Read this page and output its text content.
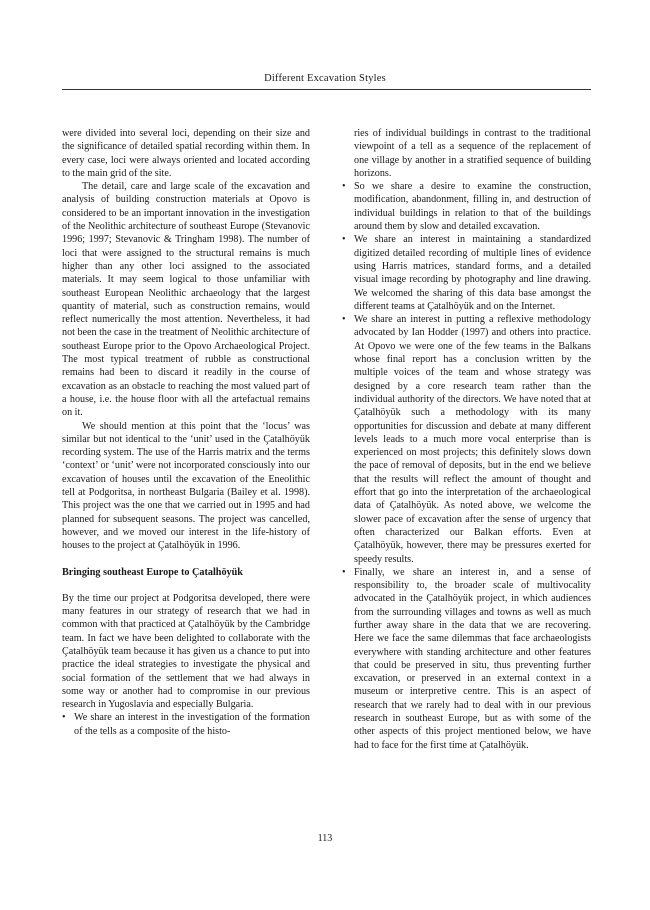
Different Excavation Styles

were divided into several loci, depending on their size and the significance of detailed spatial recording within them. In every case, loci were always oriented and located according to the main grid of the site.

The detail, care and large scale of the excavation and analysis of building construction materials at Opovo is considered to be an important innovation in the investigation of the Neolithic architecture of southeast Europe (Stevanovic 1996; 1997; Stevanovic & Tringham 1998). The number of loci that were assigned to the structural remains is much higher than any other loci assigned to the associated materials. It may seem logical to those unfamiliar with southeast European Neolithic archaeology that the largest quantity of material, such as construction remains, would reflect numerically the most attention. Nevertheless, it had not been the case in the treatment of Neolithic architecture of southeast Europe prior to the Opovo Archaeological Project. The most typical treatment of rubble as constructional remains had been to discard it readily in the course of excavation as an obstacle to reaching the most valued part of a house, i.e. the house floor with all the artefactual remains on it.

We should mention at this point that the ‘locus’ was similar but not identical to the ‘unit’ used in the Çatalhöyük recording system. The use of the Harris matrix and the terms ‘context’ or ‘unit’ were not incorporated consciously into our excavation of houses until the excavation of the Eneolithic tell at Podgoritsa, in northeast Bulgaria (Bailey et al. 1998). This project was the one that we carried out in 1995 and had planned for subsequent seasons. The project was cancelled, however, and we moved our interest in the life-history of houses to the project at Çatalhöyük in 1996.

Bringing southeast Europe to Çatalhöyük

By the time our project at Podgoritsa developed, there were many features in our strategy of research that we had in common with that practiced at Çatalhöyük by the Cambridge team. In fact we have been delighted to collaborate with the Çatalhöyük team because it has given us a chance to put into practice the ideal strategies to investigate the physical and social formation of the settlement that we had always in some way or another had to compromise in our previous research in Yugoslavia and especially Bulgaria.

• We share an interest in the investigation of the formation of the tells as a composite of the histo-
ries of individual buildings in contrast to the traditional viewpoint of a tell as a sequence of the replacement of one village by another in a stratified sequence of building horizons.
• So we share a desire to examine the construction, modification, abandonment, filling in, and destruction of individual buildings in relation to that of the buildings around them by slow and detailed excavation.
• We share an interest in maintaining a standardized digitized detailed recording of multiple lines of evidence using Harris matrices, standard forms, and a detailed visual image recording by photography and line drawing. We welcomed the sharing of this data base amongst the different teams at Çatalhöyük and on the Internet.
• We share an interest in putting a reflexive methodology advocated by Ian Hodder (1997) and others into practice. At Opovo we were one of the few teams in the Balkans whose final report has a conclusion written by the multiple voices of the team and whose strategy was designed by a core research team rather than the individual authority of the directors. We have noted that at Çatalhöyük such a methodology with its many opportunities for discussion and debate at many different levels leads to a much more vocal enterprise than is experienced on most projects; this definitely slows down the pace of removal of deposits, but in the end we believe that the results will reflect the amount of thought and effort that go into the interpretation of the archaeological data of Çatalhöyük. As noted above, we welcome the slower pace of excavation after the sense of urgency that often characterized our Balkan efforts. Even at Çatalhöyük, however, there may be pressures exerted for speedy results.
• Finally, we share an interest in, and a sense of responsibility to, the broader scale of multivocality advocated in the Çatalhöyük project, in which audiences from the surrounding villages and towns as well as much further away share in the data that we are recovering. Here we face the same dilemmas that face archaeologists everywhere with standing architecture and other features that could be preserved in situ, thus preventing further excavation, or preserved in an external context in a museum or interpretive centre. This is an aspect of research that we rarely had to deal with in our previous research in southeast Europe, but as with some of the other aspects of this project mentioned below, we have had to face for the first time at Çatalhöyük.
113
